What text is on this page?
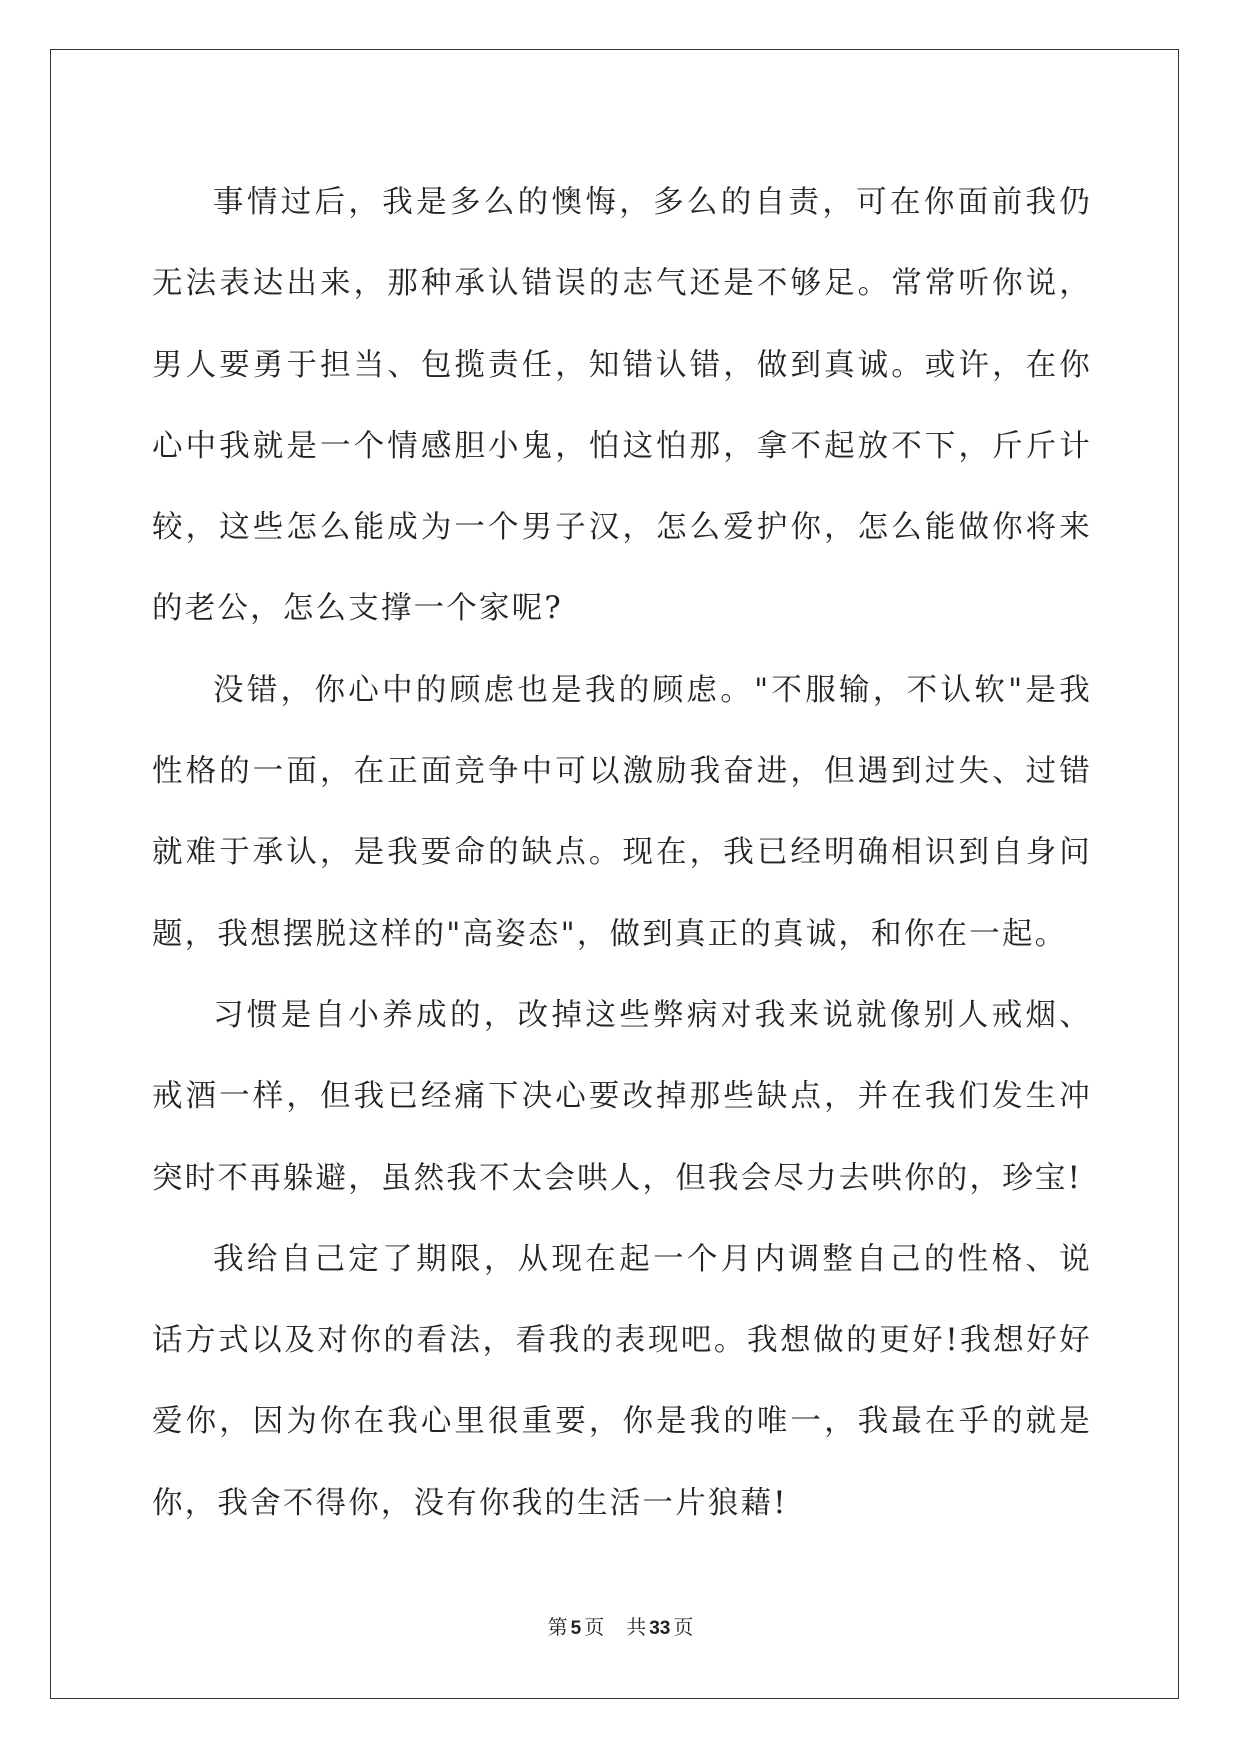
事情过后，我是多么的懊悔，多么的自责，可在你面前我仍无法表达出来，那种承认错误的志气还是不够足。常常听你说，男人要勇于担当、包揽责任，知错认错，做到真诚。或许，在你心中我就是一个情感胆小鬼，怕这怕那，拿不起放不下，斤斤计较，这些怎么能成为一个男子汉，怎么爱护你，怎么能做你将来的老公，怎么支撑一个家呢?

没错，你心中的顾虑也是我的顾虑。"不服输，不认软"是我性格的一面，在正面竞争中可以激励我奋进，但遇到过失、过错就难于承认，是我要命的缺点。现在，我已经明确相识到自身问题，我想摆脱这样的"高姿态"，做到真正的真诚，和你在一起。

习惯是自小养成的，改掉这些弊病对我来说就像别人戒烟、戒酒一样，但我已经痛下决心要改掉那些缺点，并在我们发生冲突时不再躲避，虽然我不太会哄人，但我会尽力去哄你的，珍宝!

我给自己定了期限，从现在起一个月内调整自己的性格、说话方式以及对你的看法，看我的表现吧。我想做的更好!我想好好爱你，因为你在我心里很重要，你是我的唯一，我最在乎的就是你，我舍不得你，没有你我的生活一片狼藉!

第 5 页 共 33 页
